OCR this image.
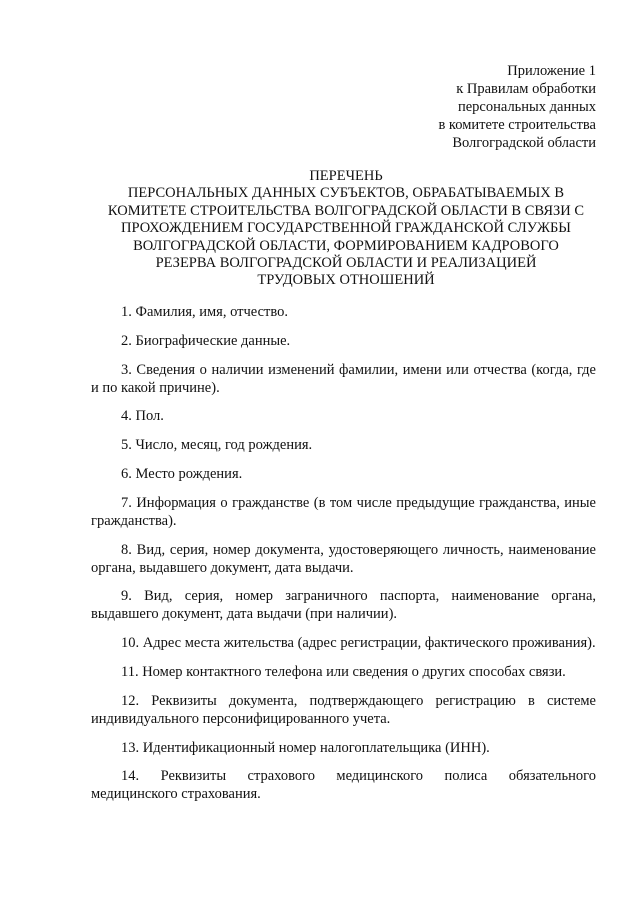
Приложение 1
к Правилам обработки
персональных данных
в комитете строительства
Волгоградской области
ПЕРЕЧЕНЬ
ПЕРСОНАЛЬНЫХ ДАННЫХ СУБЪЕКТОВ, ОБРАБАТЫВАЕМЫХ В
КОМИТЕТЕ СТРОИТЕЛЬСТВА ВОЛГОГРАДСКОЙ ОБЛАСТИ В СВЯЗИ С
ПРОХОЖДЕНИЕМ ГОСУДАРСТВЕННОЙ ГРАЖДАНСКОЙ СЛУЖБЫ
ВОЛГОГРАДСКОЙ ОБЛАСТИ, ФОРМИРОВАНИЕМ КАДРОВОГО
РЕЗЕРВА ВОЛГОГРАДСКОЙ ОБЛАСТИ И РЕАЛИЗАЦИЕЙ
ТРУДОВЫХ ОТНОШЕНИЙ

1. Фамилия, имя, отчество.

2. Биографические данные.

3. Сведения о наличии изменений фамилии, имени или отчества (когда, где и по какой причине).

4. Пол.

5. Число, месяц, год рождения.

6. Место рождения.

7. Информация о гражданстве (в том числе предыдущие гражданства, иные гражданства).

8. Вид, серия, номер документа, удостоверяющего личность, наименование органа, выдавшего документ, дата выдачи.

9. Вид, серия, номер заграничного паспорта, наименование органа, выдавшего документ, дата выдачи (при наличии).

10. Адрес места жительства (адрес регистрации, фактического проживания).

11. Номер контактного телефона или сведения о других способах связи.

12. Реквизиты документа, подтверждающего регистрацию в системе индивидуального персонифицированного учета.

13. Идентификационный номер налогоплательщика (ИНН).

14. Реквизиты страхового медицинского полиса обязательного медицинского страхования.
